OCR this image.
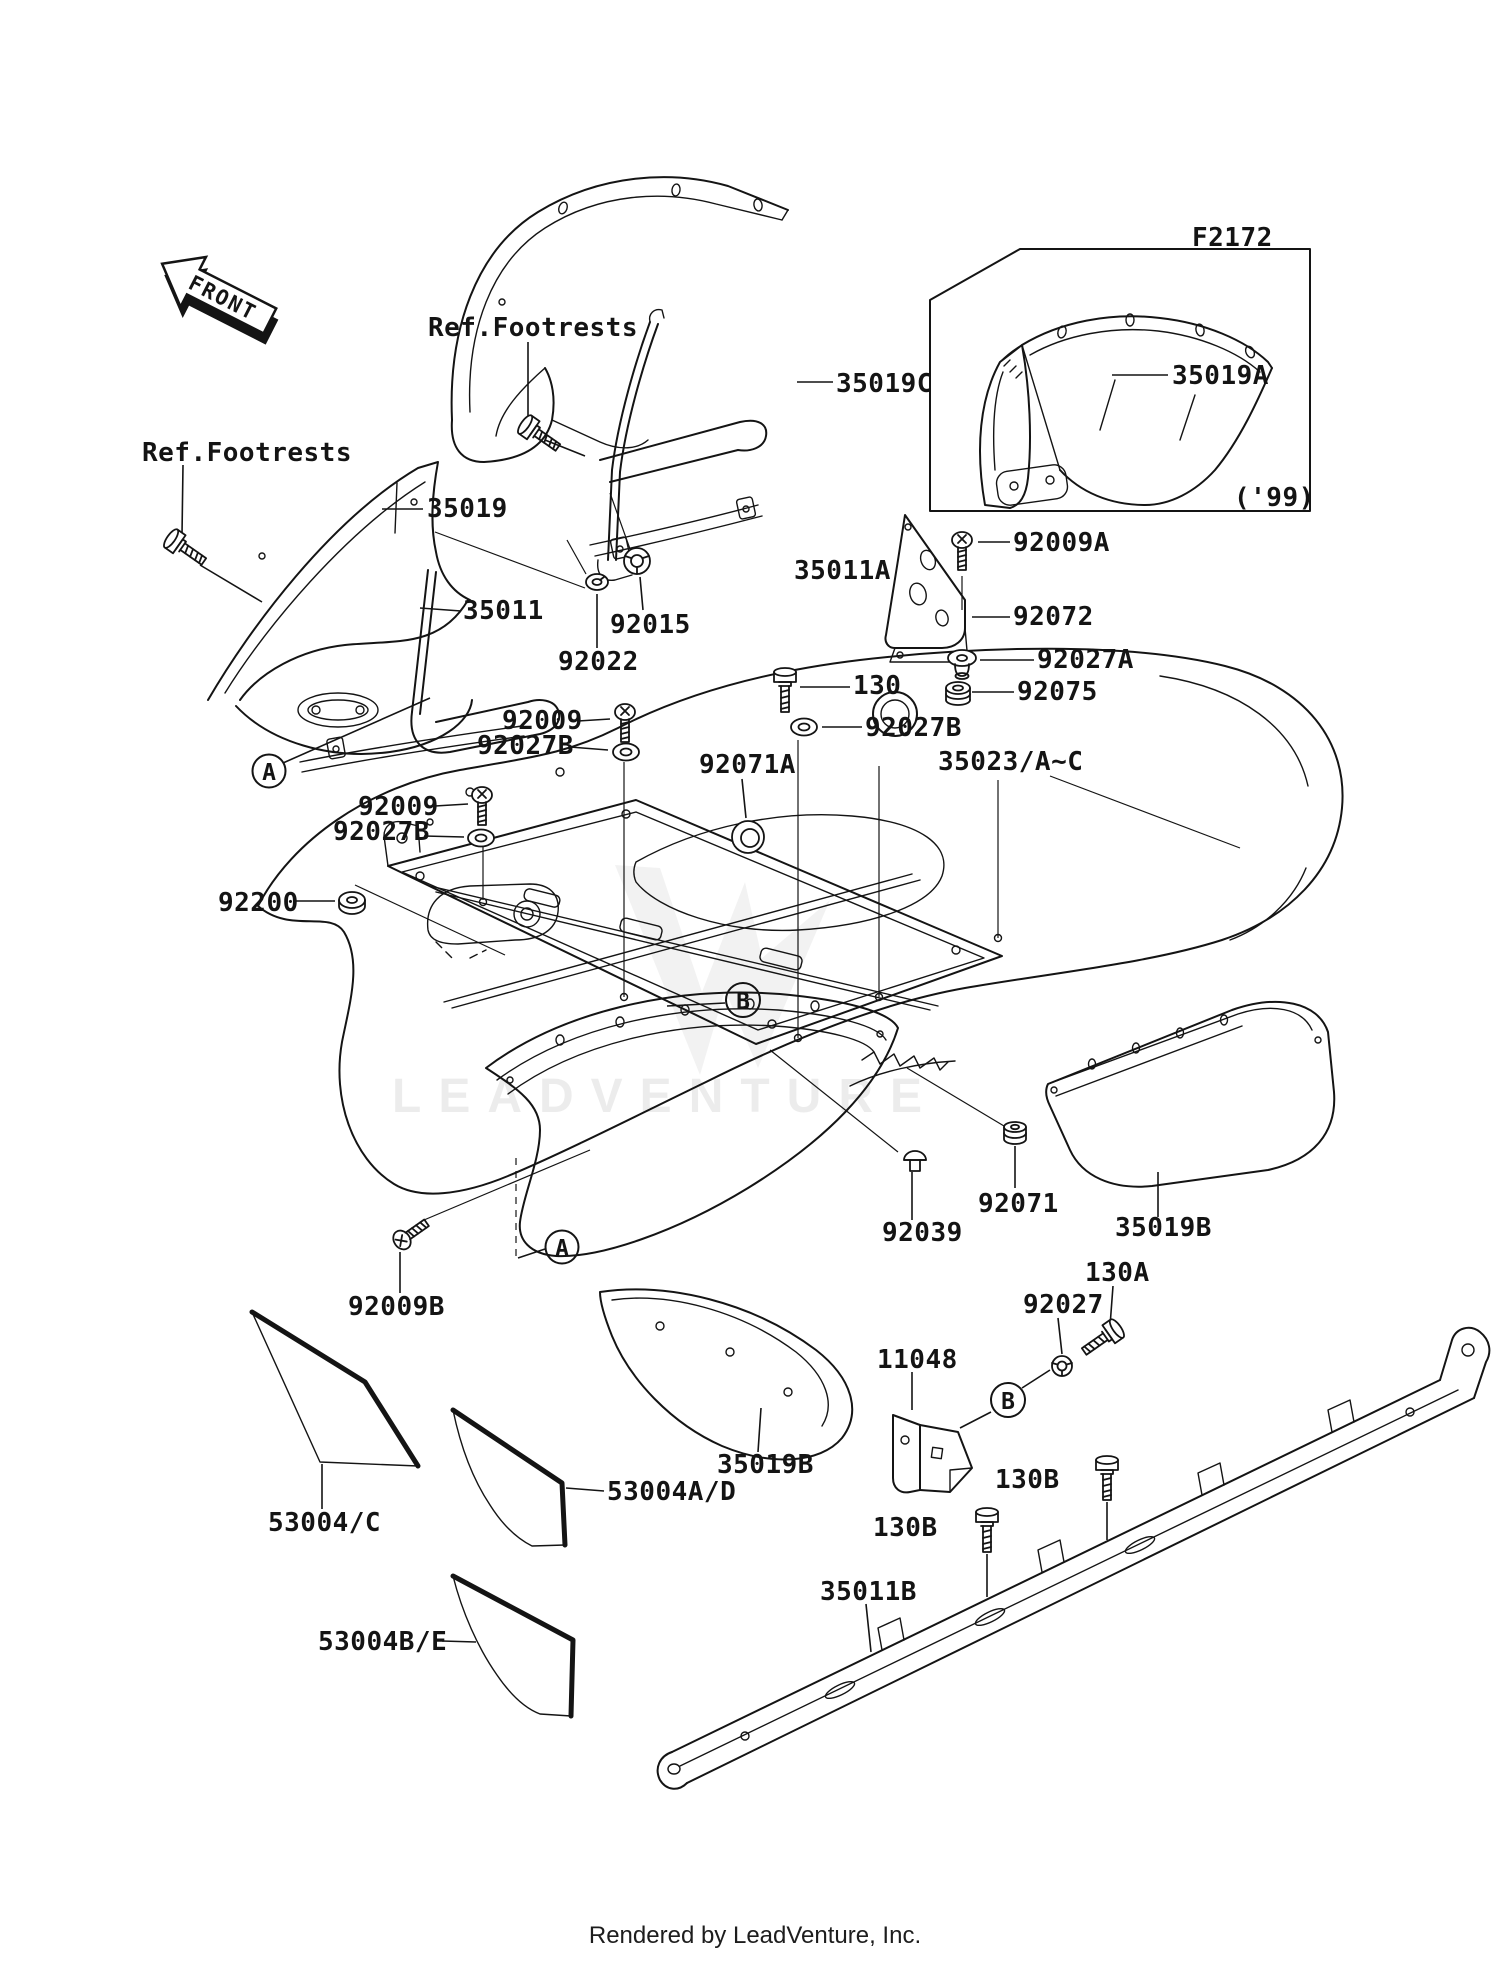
LEADVENTURE
FRONT
A
B
A
B
Ref.Footrests
Ref.Footrests
F2172
35019C	35019A
('99)
35019
35011
35011A
92015
92022
92009A
92072
92027A
92075
130
92009
92027B
92027B
92071A	35023/A~C
92009
92027B
92200
92071
92039	35019B
92009B
130A
92027
11048
130B
130B
35019B
35011B
53004/C
53004A/D
53004B/E
Rendered by LeadVenture, Inc.
